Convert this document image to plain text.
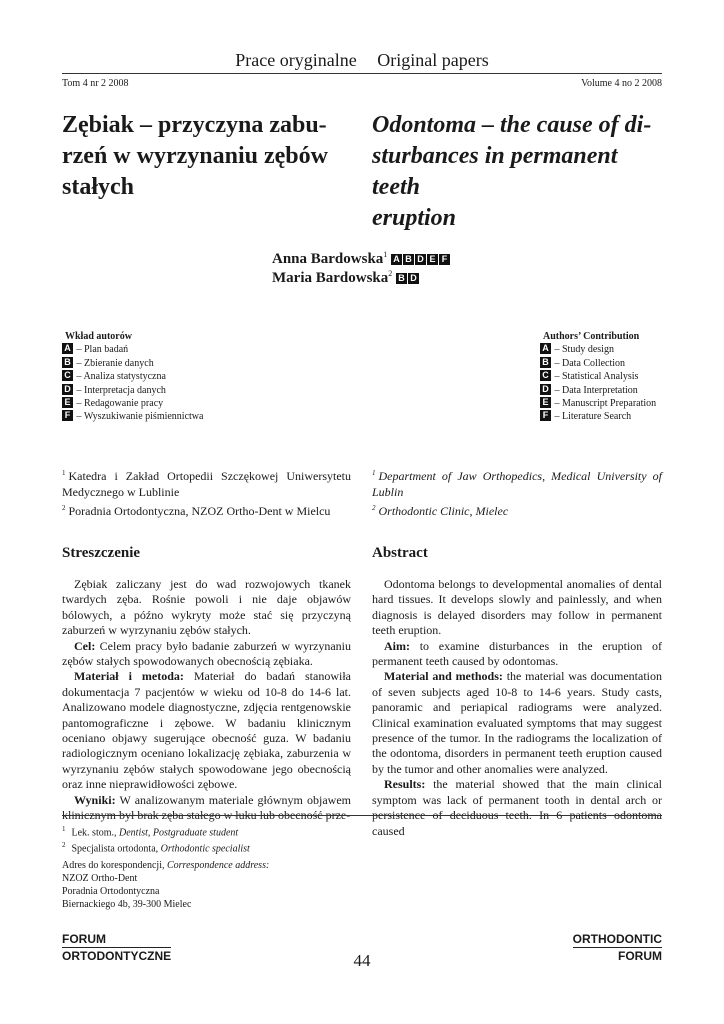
Prace oryginalne Original papers
Tom 4 nr 2 2008	Volume 4 no 2 2008
Zębiak – przyczyna zabu-
rzeń w wyrzynaniu zębów
stałych
Odontoma – the cause of di-
sturbances in permanent teeth
eruption
Anna Bardowska$^1$ A B D E F
Maria Bardowska$^2$ B D
Wkład autorów
A – Plan badań
B – Zbieranie danych
C – Analiza statystyczna
D – Interpretacja danych
E – Redagowanie pracy
F – Wyszukiwanie piśmiennictwa
Authors’ Contribution
A – Study design
B – Data Collection
C – Statistical Analysis
D – Data Interpretation
E – Manuscript Preparation
F – Literature Search
$^1$ Katedra i Zakład Ortopedii Szczękowej Uniwersytetu Medycznego w Lublinie
$^2$ Poradnia Ortodontyczna, NZOZ Ortho-Dent w Mielcu
$^1$ Department of Jaw Orthopedics, Medical University of Lublin
$^2$ Orthodontic Clinic, Mielec
Streszczenie	Abstract

Zębiak zaliczany jest do wad rozwojowych tkanek twardych zęba. Rośnie powoli i nie daje objawów bólowych, a późno wykryty może stać się przyczyną zaburzeń w wyrzynaniu zębów stałych.

Cel: Celem pracy było badanie zaburzeń w wyrzynaniu zębów stałych spowodowanych obecnością zębiaka.

Materiał i metoda: Materiał do badań stanowiła dokumentacja 7 pacjentów w wieku od 10-8 do 14-6 lat. Analizowano modele diagnostyczne, zdjęcia rentgenowskie pantomograficzne i zębowe. W badaniu klinicznym oceniano objawy sugerujące obecność guza. W badaniu radiologicznym oceniano lokalizację zębiaka, zaburzenia w wyrzynaniu zębów stałych spowodowane jego obecnością oraz inne nieprawidłowości zębowe.

Wyniki: W analizowanym materiale głównym objawem klinicznym był brak zęba stałego w łuku lub obecność prze-

Odontoma belongs to developmental anomalies of dental hard tissues. It develops slowly and painlessly, and when diagnosis is delayed disorders may follow in permanent teeth eruption.

Aim: to examine disturbances in the eruption of permanent teeth caused by odontomas.

Material and methods: the material was documentation of seven subjects aged 10-8 to 14-6 years. Study casts, panoramic and periapical radiograms were analyzed. Clinical examination evaluated symptoms that may suggest presence of the tumor. In the radiograms the localization of the odontoma, disorders in permanent teeth eruption caused by the tumor and other anomalies were analyzed.

Results: the material showed that the main clinical symptom was lack of permanent tooth in dental arch or persistence of deciduous teeth. In 6 patients odontoma caused

$^1$ Lek. stom., Dentist, Postgraduate student
$^2$ Specjalista ortodonta, Orthodontic specialist
Adres do korespondencji, Correspondence address:
NZOZ Ortho-Dent
Poradnia Ortodontyczna
Biernackiego 4b, 39-300 Mielec
FORUM
ORTODONTYCZNE
ORTHODONTIC
FORUM
44
